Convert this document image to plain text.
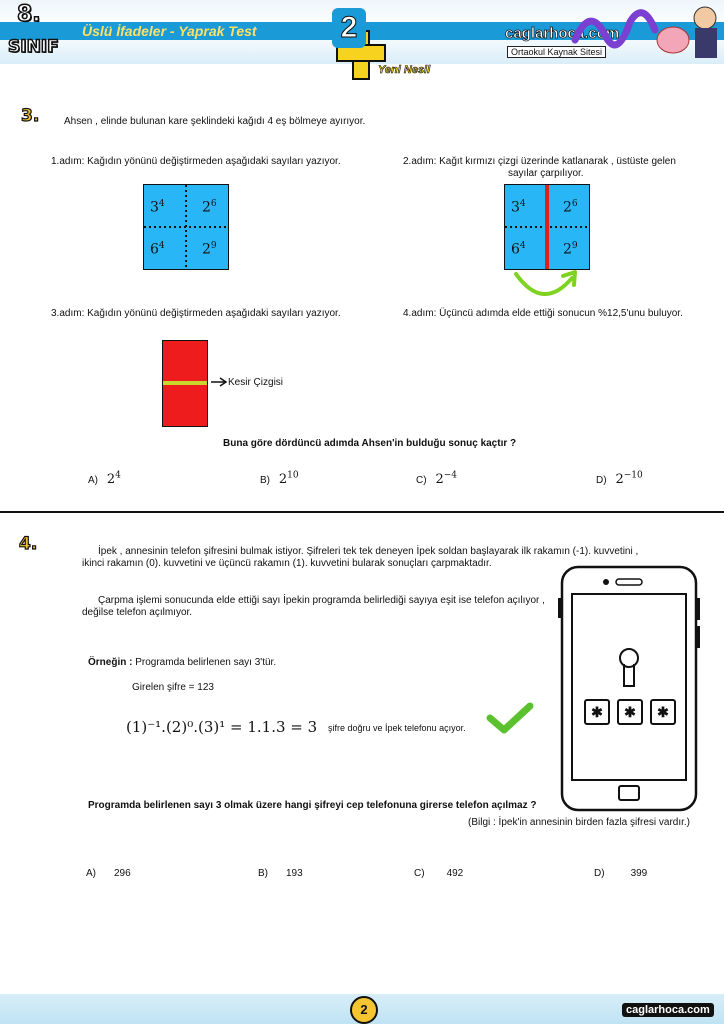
8.
SINIF
Üslü İfadeler - Yaprak Test	2
Yeni Nesil
caglarhoca.com
Ortaokul Kaynak Sitesi
3. Ahsen , elinde bulunan kare şeklindeki kağıdı 4 eş bölmeye ayırıyor.
1.adım: Kağıdın yönünü değiştirmeden aşağıdaki sayıları yazıyor.	2.adım: Kağıt kırmızı çizgi üzerinde katlanarak , üstüste gelen
sayılar çarpılıyor.
$3^4$	$2^6$
$6^4$	$2^9$
$3^4$	$2^6$
$6^4$	$2^9$
3.adım: Kağıdın yönünü değiştirmeden aşağıdaki sayıları yazıyor.	4.adım: Üçüncü adımda elde ettiği sonucun %12,5'unu buluyor.
Kesir Çizgisi
Buna göre dördüncü adımda Ahsen'in bulduğu sonuç kaçtır ?
A) $2^4$	B) $2^{10}$	C) $2^{-4}$	D) $2^{-10}$
4.	İpek , annesinin telefon şifresini bulmak istiyor. Şifreleri tek tek deneyen İpek soldan başlayarak ilk rakamın (-1). kuvvetini ,
ikinci rakamın (0). kuvvetini ve üçüncü rakamın (1). kuvvetini bularak sonuçları çarpmaktadır.
Çarpma işlemi sonucunda elde ettiği sayı İpekin programda belirlediği sayıya eşit ise telefon açılıyor ,
değilse telefon açılmıyor.
Örneğin : Programda belirlenen sayı 3'tür.
Girelen şifre = 123
(1)⁻¹.(2)⁰.(3)¹ = 1.1.3 = 3 şifre doğru ve İpek telefonu açıyor.
✱	✱	✱
Programda belirlenen sayı 3 olmak üzere hangi şifreyi cep telefonuna girerse telefon açılmaz ?
(Bilgi : İpek'in annesinin birden fazla şifresi vardır.)
A) 296	B) 193	C) 492	D)	399
2	caglarhoca.com
